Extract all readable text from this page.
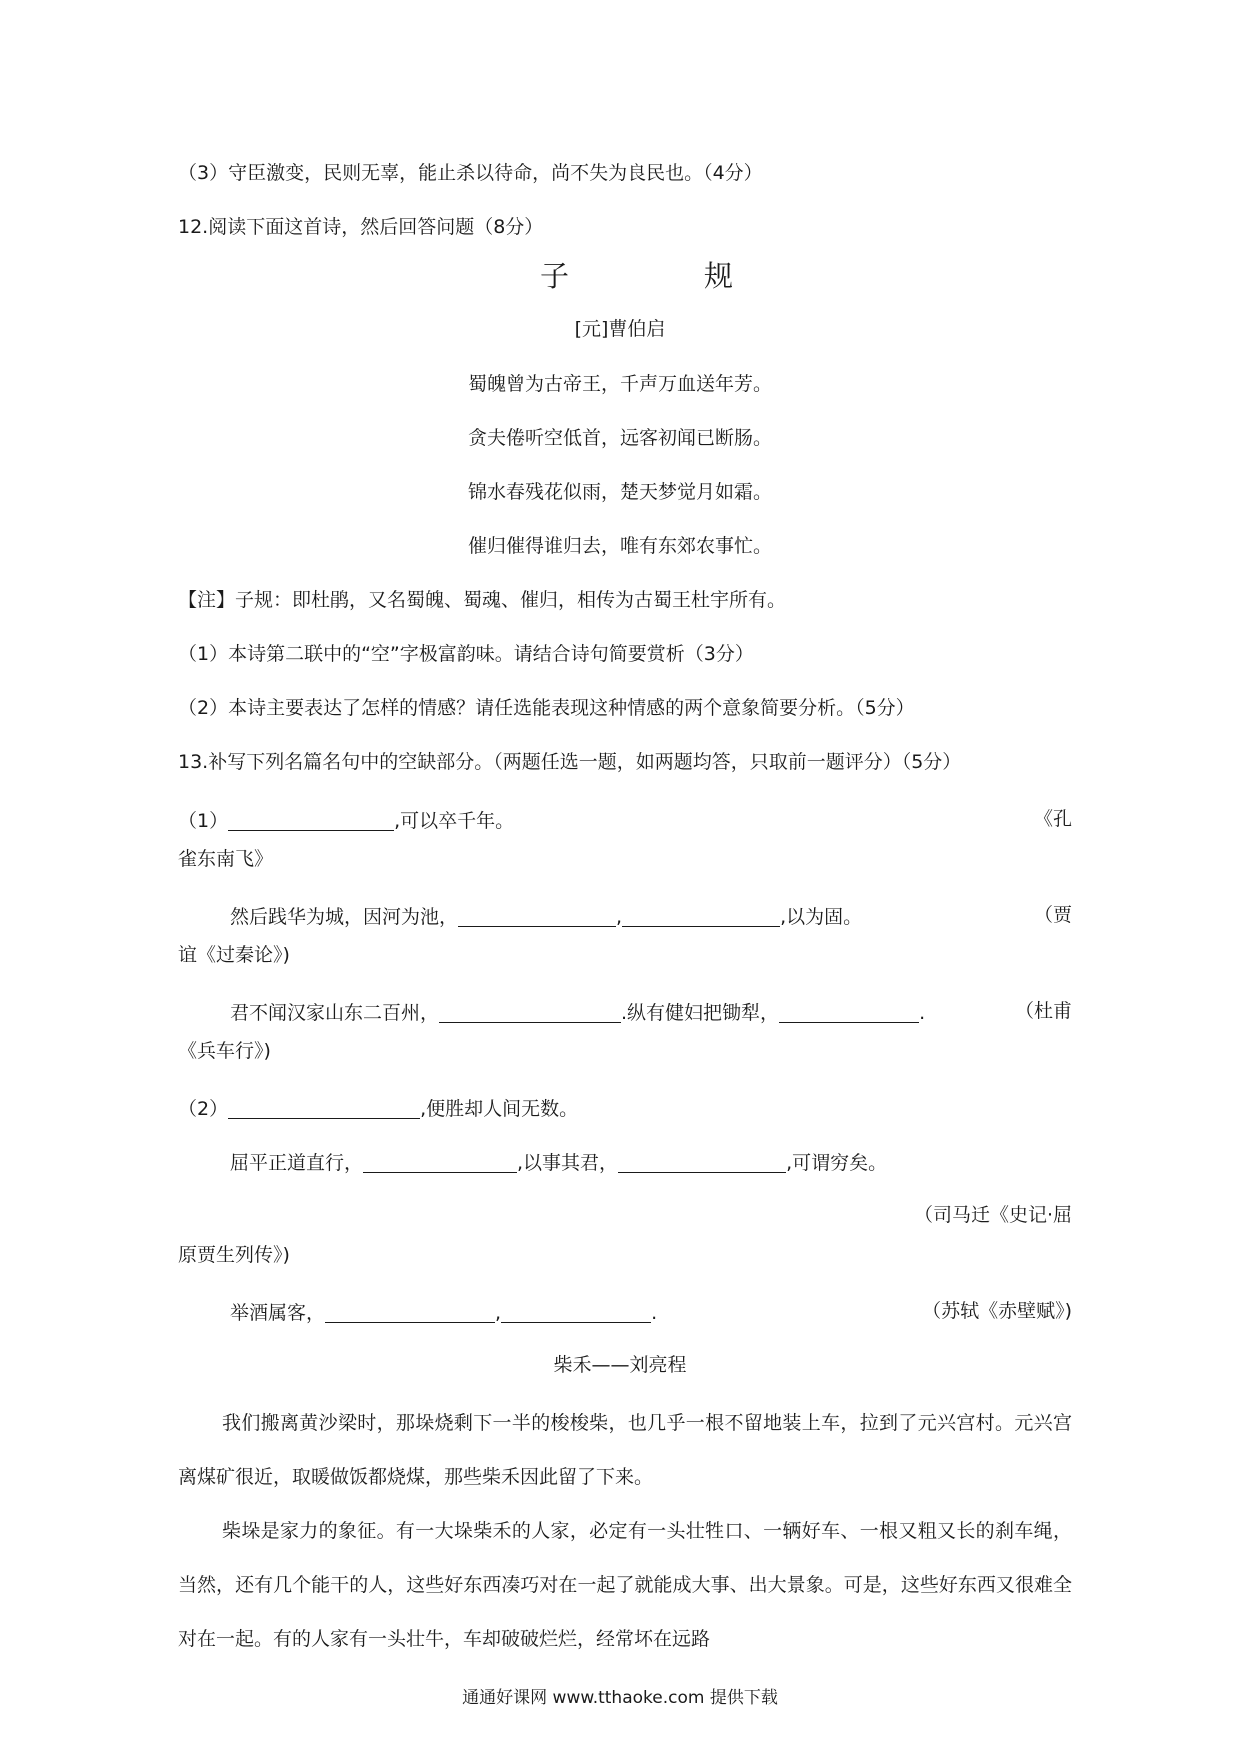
（3）守臣激变，民则无辜，能止杀以待命，尚不失为良民也。（4分）
12.阅读下面这首诗，然后回答问题（8分）
子	规
[元]曹伯启
蜀魄曾为古帝王，千声万血送年芳。
贪夫倦听空低首，远客初闻已断肠。
锦水春残花似雨，楚天梦觉月如霜。
催归催得谁归去，唯有东郊农事忙。
【注】子规：即杜鹃，又名蜀魄、蜀魂、催归，相传为古蜀王杜宇所有。
（1）本诗第二联中的“空”字极富韵味。请结合诗句简要赏析（3分）
（2）本诗主要表达了怎样的情感？请任选能表现这种情感的两个意象简要分析。（5分）
13.补写下列名篇名句中的空缺部分。（两题任选一题，如两题均答，只取前一题评分）（5分）
（1）	,可以卒千年。	《孔
雀东南飞》
然后践华为城，因河为池，	,	,以为固。	（贾
谊《过秦论》)
君不闻汉家山东二百州，	.纵有健妇把锄犁，	.	（杜甫
《兵车行》)
（2）	,便胜却人间无数。
屈平正道直行，	,以事其君，	,可谓穷矣。
（司马迁《史记·屈
原贾生列传》)
举酒属客，	,	.	（苏轼《赤壁赋》)
柴禾——刘亮程
我们搬离黄沙梁时，那垛烧剩下一半的梭梭柴，也几乎一根不留地装上车，拉到了元兴宫村。元兴宫离煤矿很近，取暖做饭都烧煤，那些柴禾因此留了下来。
柴垛是家力的象征。有一大垛柴禾的人家，必定有一头壮牲口、一辆好车、一根又粗又长的刹车绳，当然，还有几个能干的人，这些好东西凑巧对在一起了就能成大事、出大景象。可是，这些好东西又很难全对在一起。有的人家有一头壮牛，车却破破烂烂，经常坏在远路
通通好课网 www.tthaoke.com 提供下载
